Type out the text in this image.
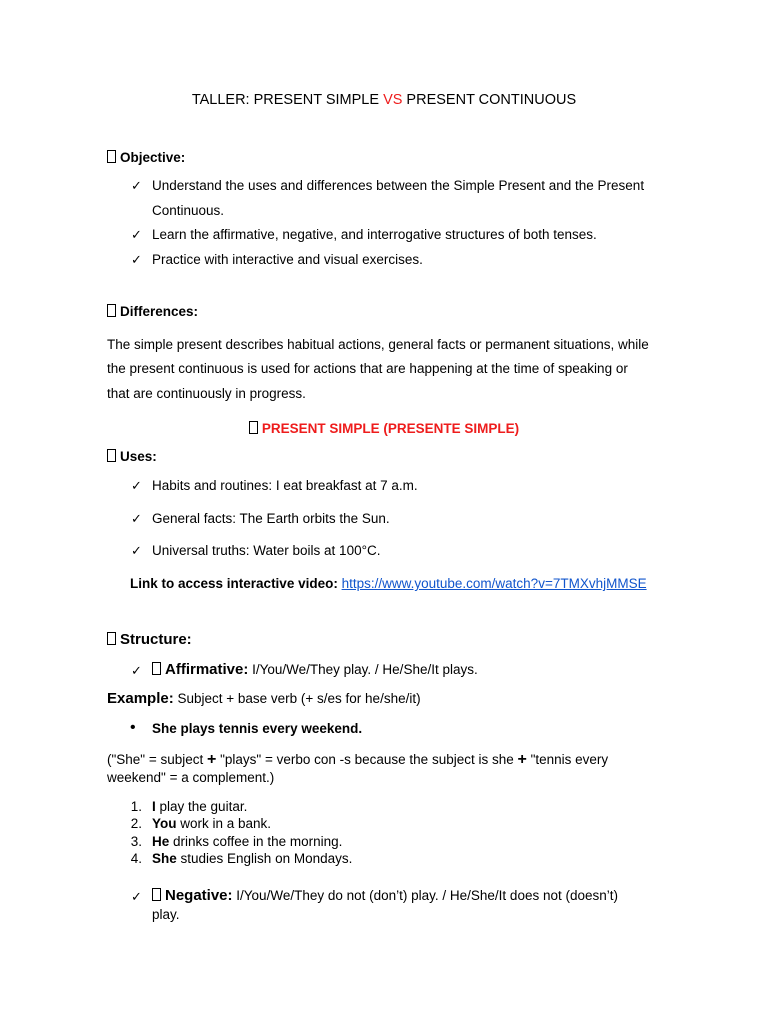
TALLER: PRESENT SIMPLE VS PRESENT CONTINUOUS
Objective:
✓ Understand the uses and differences between the Simple Present and the Present
Continuous.
✓ Learn the affirmative, negative, and interrogative structures of both tenses.
✓ Practice with interactive and visual exercises.
Differences:
The simple present describes habitual actions, general facts or permanent situations, while
the present continuous is used for actions that are happening at the time of speaking or
that are continuously in progress.
PRESENT SIMPLE (PRESENTE SIMPLE)
Uses:
✓ Habits and routines: I eat breakfast at 7 a.m.
✓ General facts: The Earth orbits the Sun.
✓ Universal truths: Water boils at 100°C.
Link to access interactive video: https://www.youtube.com/watch?v=7TMXvhjMMSE
Structure:
✓	Affirmative: I/You/We/They play. / He/She/It plays.
Example: Subject + base verb (+ s/es for he/she/it)
• She plays tennis every weekend.
("She" = subject + "plays" = verbo con -s because the subject is she + "tennis every
weekend" = a complement.)
1. I play the guitar.
2. You work in a bank.
3. He drinks coffee in the morning.
4. She studies English on Mondays.
✓	Negative: I/You/We/They do not (don’t) play. / He/She/It does not (doesn’t)
play.
